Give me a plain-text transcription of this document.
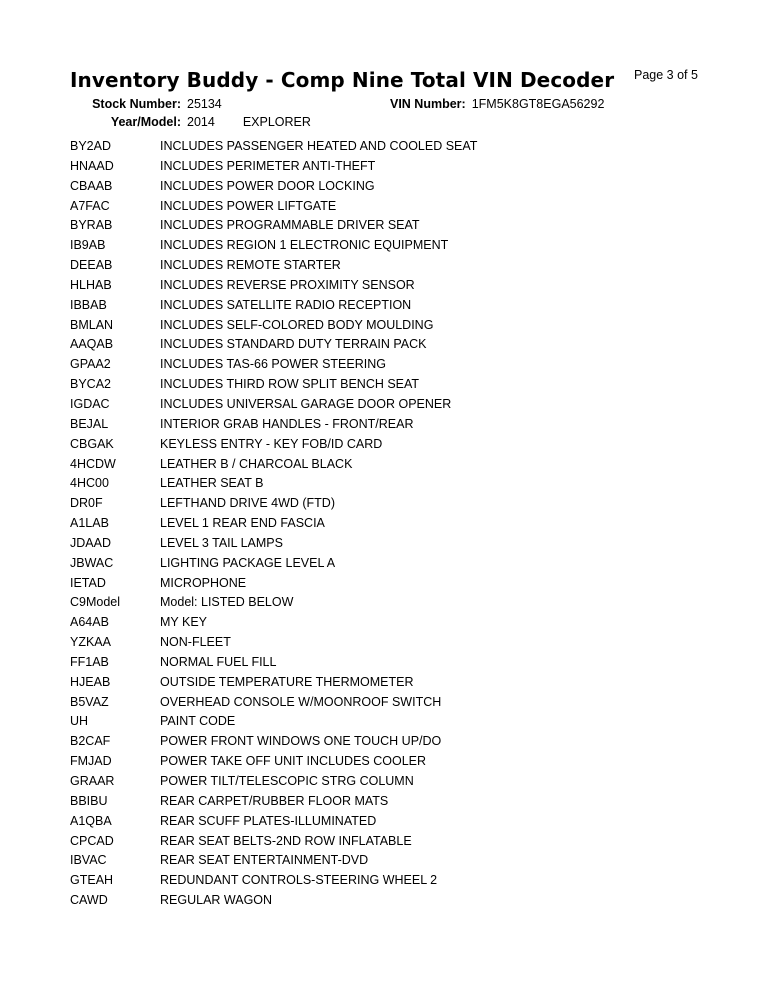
Page 3 of 5
Inventory Buddy - Comp Nine Total VIN Decoder
Stock Number: 25134	VIN Number: 1FM5K8GT8EGA56292
Year/Model: 2014 EXPLORER
BY2AD	INCLUDES PASSENGER HEATED AND COOLED SEAT
HNAAD	INCLUDES PERIMETER ANTI-THEFT
CBAAB	INCLUDES POWER DOOR LOCKING
A7FAC	INCLUDES POWER LIFTGATE
BYRAB	INCLUDES PROGRAMMABLE DRIVER SEAT
IB9AB	INCLUDES REGION 1 ELECTRONIC EQUIPMENT
DEEAB	INCLUDES REMOTE STARTER
HLHAB	INCLUDES REVERSE PROXIMITY SENSOR
IBBAB	INCLUDES SATELLITE RADIO RECEPTION
BMLAN	INCLUDES SELF-COLORED BODY MOULDING
AAQAB	INCLUDES STANDARD DUTY TERRAIN PACK
GPAA2	INCLUDES TAS-66 POWER STEERING
BYCA2	INCLUDES THIRD ROW SPLIT BENCH SEAT
IGDAC	INCLUDES UNIVERSAL GARAGE DOOR OPENER
BEJAL	INTERIOR GRAB HANDLES - FRONT/REAR
CBGAK	KEYLESS ENTRY - KEY FOB/ID CARD
4HCDW	LEATHER B / CHARCOAL BLACK
4HC00	LEATHER SEAT B
DR0F	LEFTHAND DRIVE 4WD (FTD)
A1LAB	LEVEL 1 REAR END FASCIA
JDAAD	LEVEL 3 TAIL LAMPS
JBWAC	LIGHTING PACKAGE LEVEL A
IETAD	MICROPHONE
C9Model	Model: LISTED BELOW
A64AB	MY KEY
YZKAA	NON-FLEET
FF1AB	NORMAL FUEL FILL
HJEAB	OUTSIDE TEMPERATURE THERMOMETER
B5VAZ	OVERHEAD CONSOLE W/MOONROOF SWITCH
UH	PAINT CODE
B2CAF	POWER FRONT WINDOWS ONE TOUCH UP/DO
FMJAD	POWER TAKE OFF UNIT INCLUDES COOLER
GRAAR	POWER TILT/TELESCOPIC STRG COLUMN
BBIBU	REAR CARPET/RUBBER FLOOR MATS
A1QBA	REAR SCUFF PLATES-ILLUMINATED
CPCAD	REAR SEAT BELTS-2ND ROW INFLATABLE
IBVAC	REAR SEAT ENTERTAINMENT-DVD
GTEAH	REDUNDANT CONTROLS-STEERING WHEEL 2
CAWD	REGULAR WAGON
